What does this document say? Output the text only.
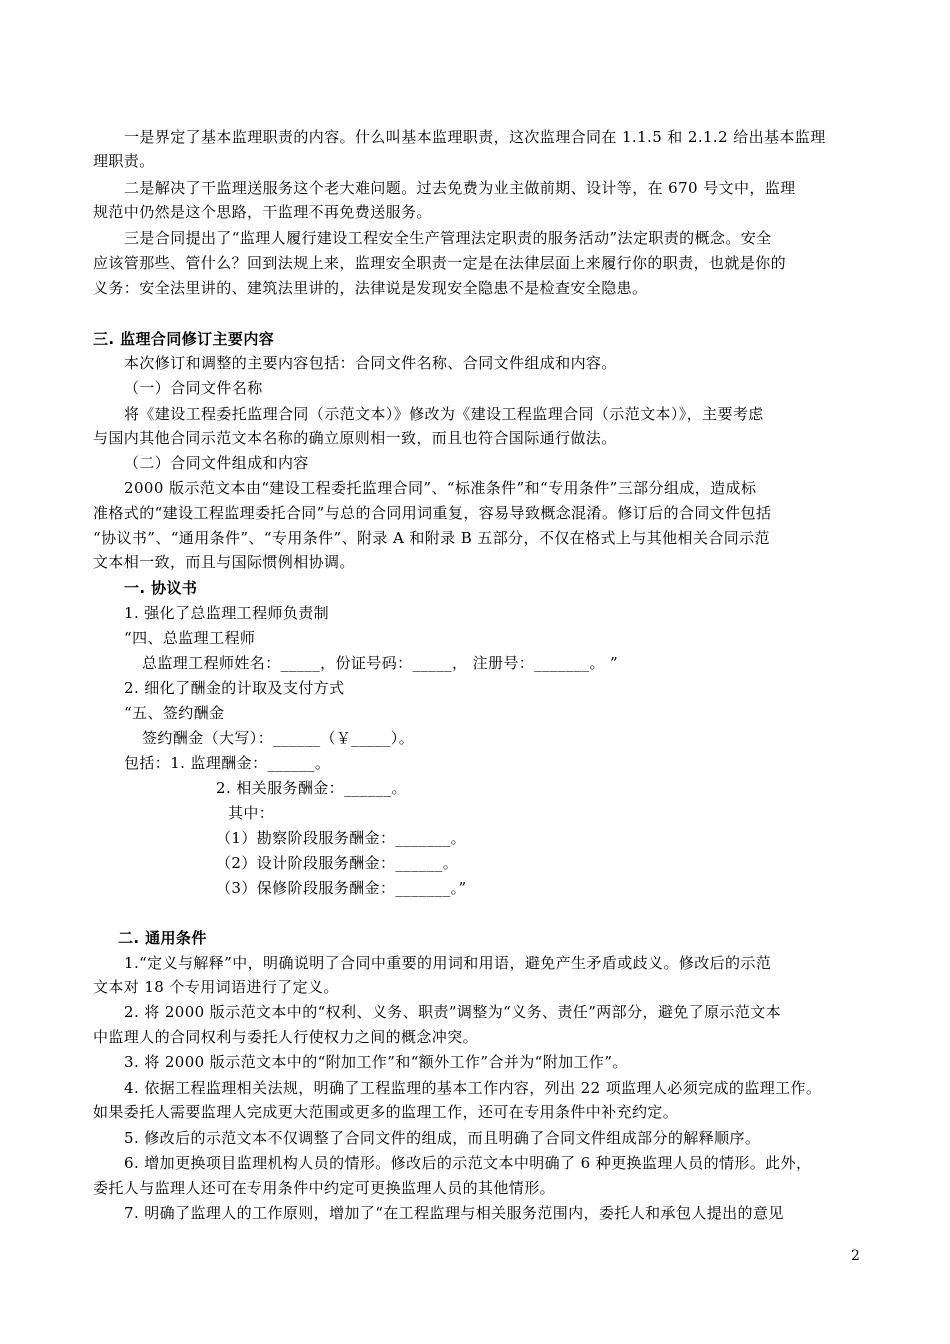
2
一是界定了基本监理职责的内容。什么叫基本监理职责，这次监理合同在 1.1.5 和 2.1.2 给出基本监理
理职责。
二是解决了干监理送服务这个老大难问题。过去免费为业主做前期、设计等，在 670 号文中，监理
规范中仍然是这个思路，干监理不再免费送服务。
三是合同提出了“监理人履行建设工程安全生产管理法定职责的服务活动”法定职责的概念。安全
应该管那些、管什么？回到法规上来，监理安全职责一定是在法律层面上来履行你的职责，也就是你的
义务：安全法里讲的、建筑法里讲的，法律说是发现安全隐患不是检查安全隐患。
三. 监理合同修订主要内容
本次修订和调整的主要内容包括：合同文件名称、合同文件组成和内容。
（一）合同文件名称
将《建设工程委托监理合同（示范文本）》修改为《建设工程监理合同（示范文本）》，主要考虑
与国内其他合同示范文本名称的确立原则相一致，而且也符合国际通行做法。
（二）合同文件组成和内容
2000 版示范文本由“建设工程委托监理合同”、“标准条件”和“专用条件”三部分组成，造成标
准格式的“建设工程监理委托合同”与总的合同用词重复，容易导致概念混淆。修订后的合同文件包括
“协议书”、“通用条件”、“专用条件”、附录 A 和附录 B 五部分，不仅在格式上与其他相关合同示范
文本相一致，而且与国际惯例相协调。
一. 协议书
1. 强化了总监理工程师负责制
“四、总监理工程师
总监理工程师姓名：_____，份证号码：_____， 注册号：_______。 ”
2. 细化了酬金的计取及支付方式
“五、签约酬金
签约酬金（大写）：______（￥_____）。
包括：1. 监理酬金：______。
2. 相关服务酬金：______。
其中：
（1）勘察阶段服务酬金：_______。
（2）设计阶段服务酬金：______。
（3）保修阶段服务酬金：_______。”
二. 通用条件
1.“定义与解释”中，明确说明了合同中重要的用词和用语，避免产生矛盾或歧义。修改后的示范
文本对 18 个专用词语进行了定义。
2. 将 2000 版示范文本中的“权利、义务、职责”调整为“义务、责任”两部分，避免了原示范文本
中监理人的合同权利与委托人行使权力之间的概念冲突。
3. 将 2000 版示范文本中的“附加工作”和“额外工作”合并为“附加工作”。
4. 依据工程监理相关法规，明确了工程监理的基本工作内容，列出 22 项监理人必须完成的监理工作。
如果委托人需要监理人完成更大范围或更多的监理工作，还可在专用条件中补充约定。
5. 修改后的示范文本不仅调整了合同文件的组成，而且明确了合同文件组成部分的解释顺序。
6. 增加更换项目监理机构人员的情形。修改后的示范文本中明确了 6 种更换监理人员的情形。此外，
委托人与监理人还可在专用条件中约定可更换监理人员的其他情形。
7. 明确了监理人的工作原则，增加了“在工程监理与相关服务范围内，委托人和承包人提出的意见
